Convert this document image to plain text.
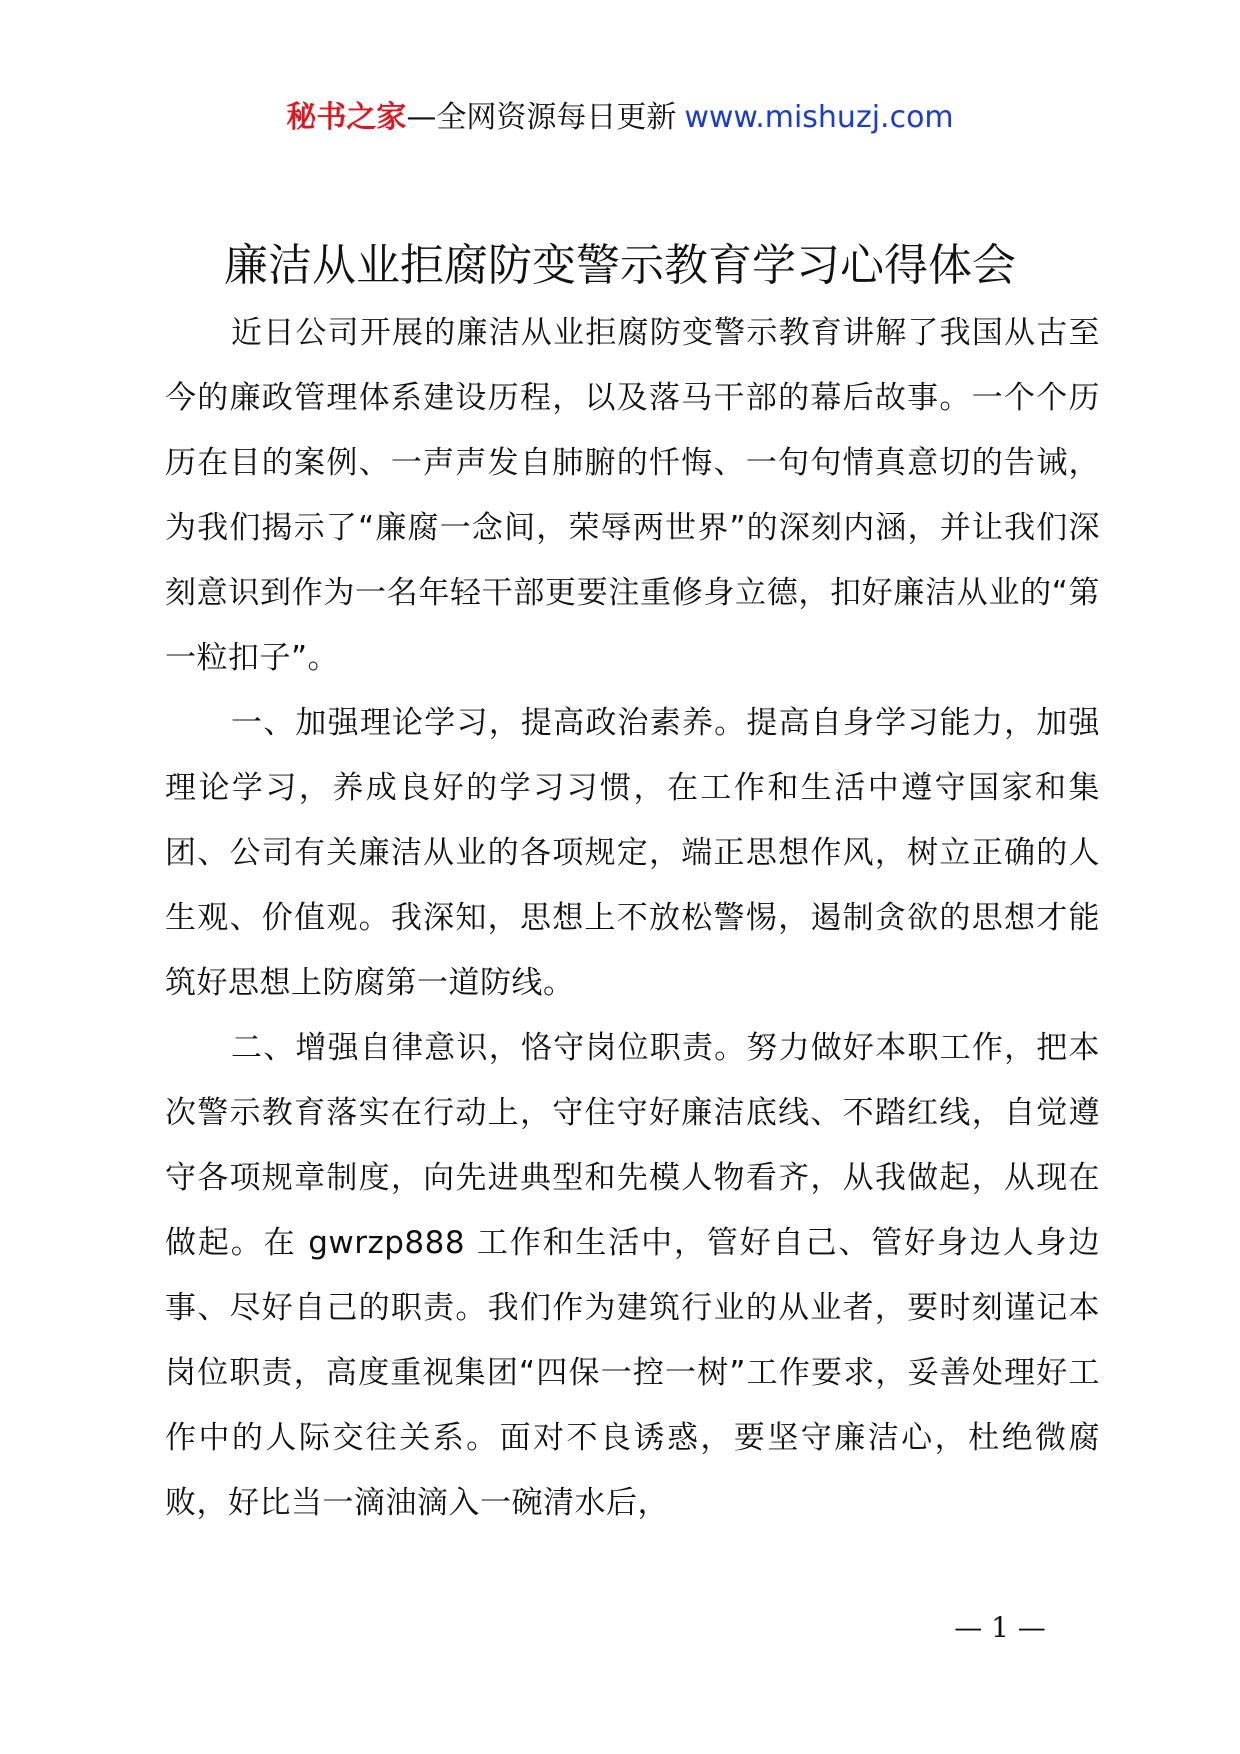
秘书之家—全网资源每日更新 www.mishuzj.com
廉洁从业拒腐防变警示教育学习心得体会

近日公司开展的廉洁从业拒腐防变警示教育讲解了我国从古至今的廉政管理体系建设历程，以及落马干部的幕后故事。一个个历历在目的案例、一声声发自肺腑的忏悔、一句句情真意切的告诫，为我们揭示了“廉腐一念间，荣辱两世界”的深刻内涵，并让我们深刻意识到作为一名年轻干部更要注重修身立德，扣好廉洁从业的“第一粒扣子”。

一、加强理论学习，提高政治素养。提高自身学习能力，加强理论学习，养成良好的学习习惯，在工作和生活中遵守国家和集团、公司有关廉洁从业的各项规定，端正思想作风，树立正确的人生观、价值观。我深知，思想上不放松警惕，遏制贪欲的思想才能筑好思想上防腐第一道防线。

二、增强自律意识，恪守岗位职责。努力做好本职工作，把本次警示教育落实在行动上，守住守好廉洁底线、不踏红线，自觉遵守各项规章制度，向先进典型和先模人物看齐，从我做起，从现在做起。在 gwrzp888 工作和生活中，管好自己、管好身边人身边事、尽好自己的职责。我们作为建筑行业的从业者，要时刻谨记本岗位职责，高度重视集团“四保一控一树”工作要求，妥善处理好工作中的人际交往关系。面对不良诱惑，要坚守廉洁心，杜绝微腐败，好比当一滴油滴入一碗清水后，

— 1 —
